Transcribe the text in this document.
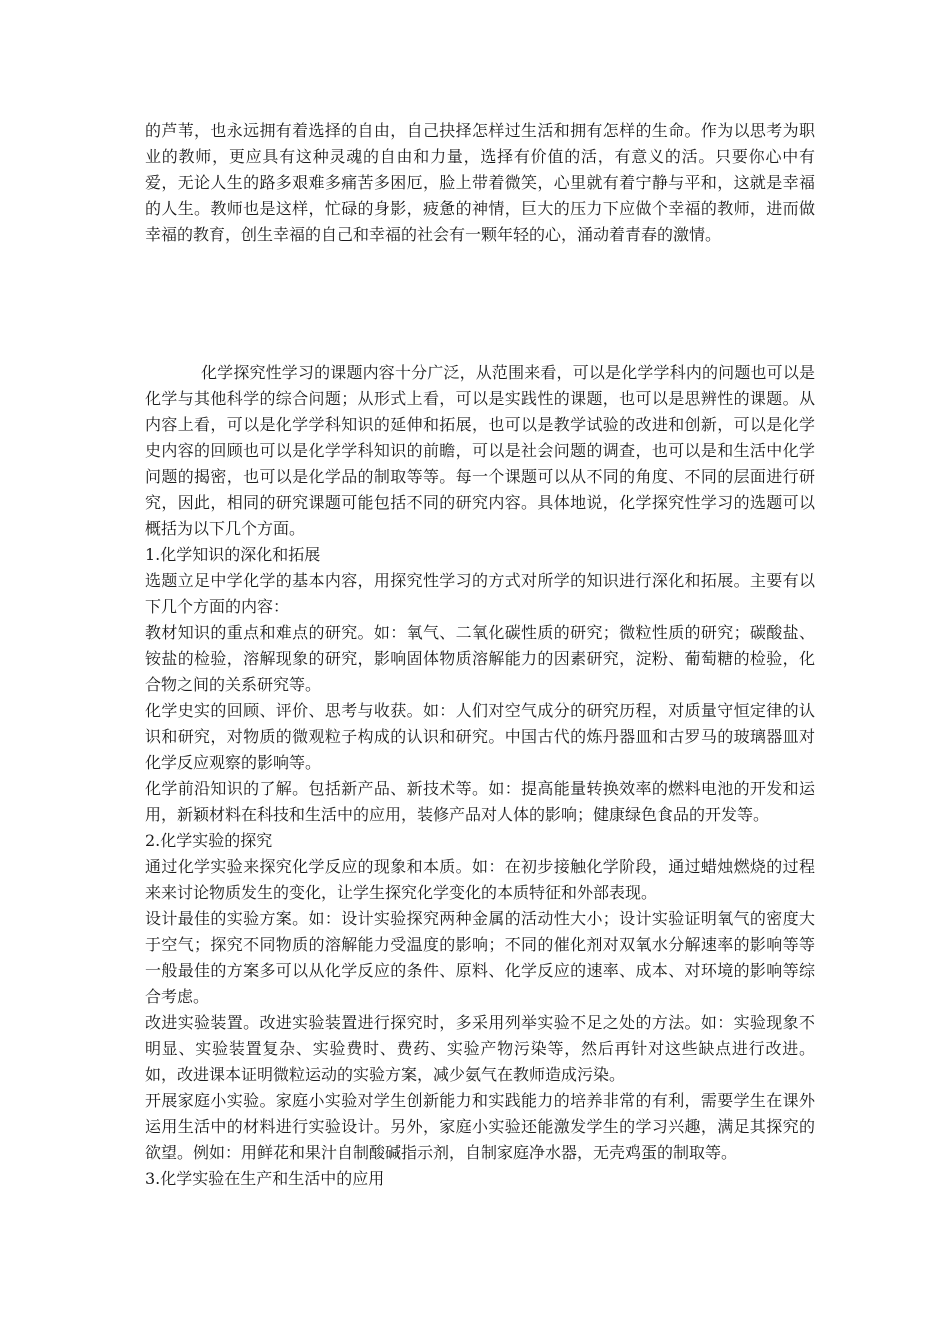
的芦苇，也永远拥有着选择的自由，自己抉择怎样过生活和拥有怎样的生命。作为以思考为职业的教师，更应具有这种灵魂的自由和力量，选择有价值的活，有意义的活。只要你心中有爱，无论人生的路多艰难多痛苦多困厄，脸上带着微笑，心里就有着宁静与平和，这就是幸福的人生。教师也是这样，忙碌的身影，疲惫的神情，巨大的压力下应做个幸福的教师，进而做幸福的教育，创生幸福的自己和幸福的社会有一颗年轻的心，涌动着青春的激情。

化学探究性学习的课题内容十分广泛，从范围来看，可以是化学学科内的问题也可以是化学与其他科学的综合问题；从形式上看，可以是实践性的课题，也可以是思辨性的课题。从内容上看，可以是化学学科知识的延伸和拓展，也可以是教学试验的改进和创新，可以是化学史内容的回顾也可以是化学学科知识的前瞻，可以是社会问题的调查，也可以是和生活中化学问题的揭密，也可以是化学品的制取等等。每一个课题可以从不同的角度、不同的层面进行研究，因此，相同的研究课题可能包括不同的研究内容。具体地说，化学探究性学习的选题可以概括为以下几个方面。

1.化学知识的深化和拓展

选题立足中学化学的基本内容，用探究性学习的方式对所学的知识进行深化和拓展。主要有以下几个方面的内容：

教材知识的重点和难点的研究。如：氧气、二氧化碳性质的研究；微粒性质的研究；碳酸盐、铵盐的检验，溶解现象的研究，影响固体物质溶解能力的因素研究，淀粉、葡萄糖的检验，化合物之间的关系研究等。

化学史实的回顾、评价、思考与收获。如：人们对空气成分的研究历程，对质量守恒定律的认识和研究，对物质的微观粒子构成的认识和研究。中国古代的炼丹器皿和古罗马的玻璃器皿对化学反应观察的影响等。

化学前沿知识的了解。包括新产品、新技术等。如：提高能量转换效率的燃料电池的开发和运用，新颖材料在科技和生活中的应用，装修产品对人体的影响；健康绿色食品的开发等。

2.化学实验的探究

通过化学实验来探究化学反应的现象和本质。如：在初步接触化学阶段，通过蜡烛燃烧的过程来来讨论物质发生的变化，让学生探究化学变化的本质特征和外部表现。

设计最佳的实验方案。如：设计实验探究两种金属的活动性大小；设计实验证明氧气的密度大于空气；探究不同物质的溶解能力受温度的影响；不同的催化剂对双氧水分解速率的影响等等一般最佳的方案多可以从化学反应的条件、原料、化学反应的速率、成本、对环境的影响等综合考虑。

改进实验装置。改进实验装置进行探究时，多采用列举实验不足之处的方法。如：实验现象不明显、实验装置复杂、实验费时、费药、实验产物污染等，然后再针对这些缺点进行改进。如，改进课本证明微粒运动的实验方案，减少氨气在教师造成污染。

开展家庭小实验。家庭小实验对学生创新能力和实践能力的培养非常的有利，需要学生在课外运用生活中的材料进行实验设计。另外，家庭小实验还能激发学生的学习兴趣，满足其探究的欲望。例如：用鲜花和果汁自制酸碱指示剂，自制家庭净水器，无壳鸡蛋的制取等。

3.化学实验在生产和生活中的应用
